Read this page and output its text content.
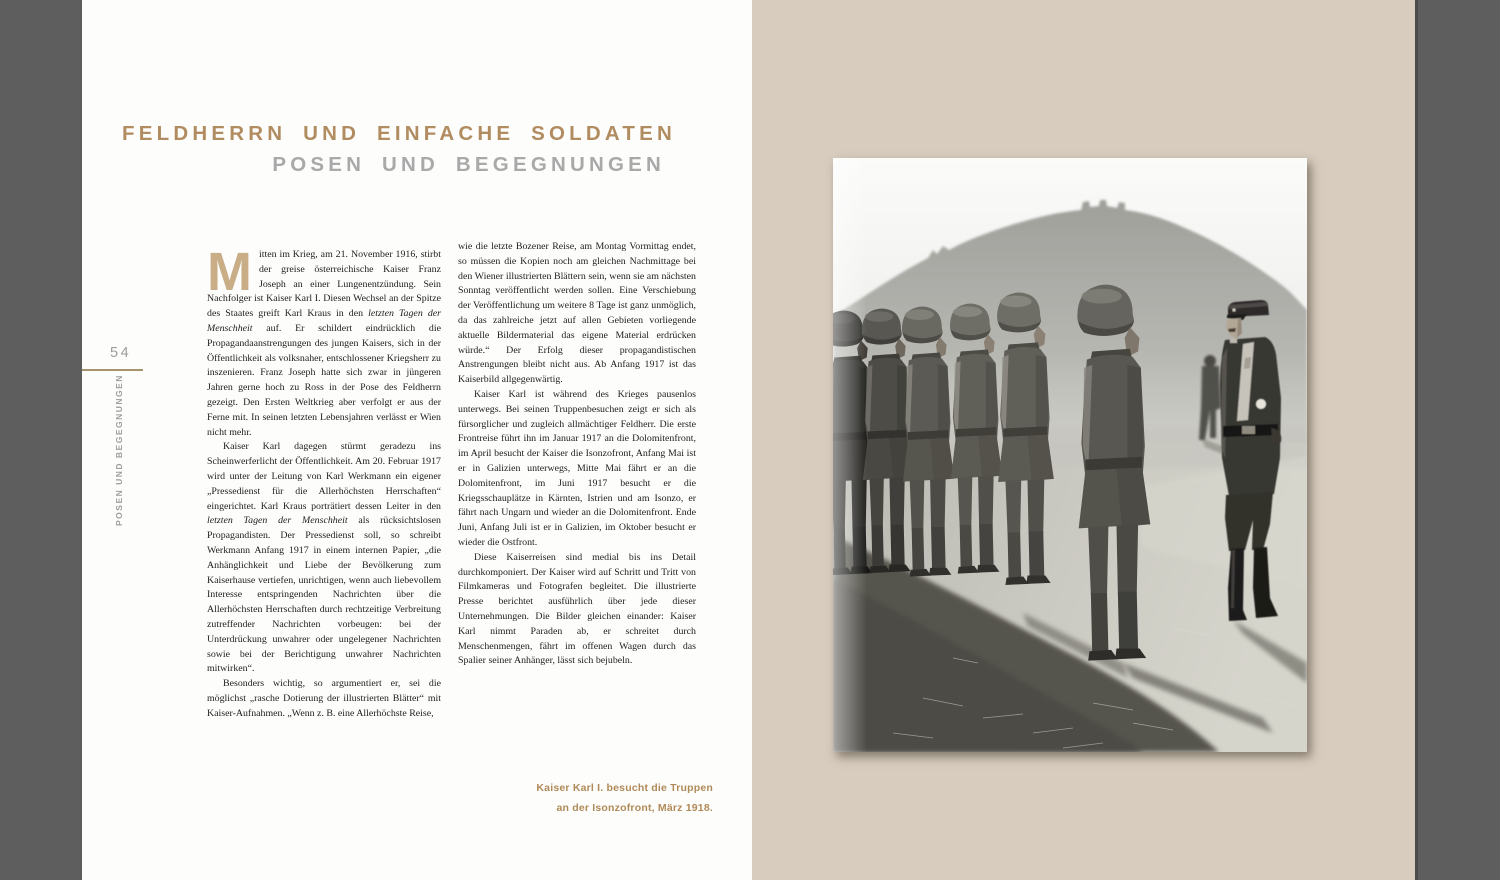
FELDHERRN UND EINFACHE SOLDATEN
POSEN UND BEGEGNUNGEN
54
POSEN UND BEGEGNUNGEN

Mitten im Krieg, am 21. November 1916, stirbt der greise österreichische Kaiser Franz Joseph an einer Lungenentzündung. Sein Nachfolger ist Kaiser Karl I. Diesen Wechsel an der Spitze des Staates greift Karl Kraus in den letzten Tagen der Menschheit auf. Er schildert eindrücklich die Propagandaanstrengungen des jungen Kaisers, sich in der Öffentlichkeit als volksnaher, entschlossener Kriegsherr zu inszenieren. Franz Joseph hatte sich zwar in jüngeren Jahren gerne hoch zu Ross in der Pose des Feldherrn gezeigt. Den Ersten Weltkrieg aber verfolgt er aus der Ferne mit. In seinen letzten Lebensjahren verlässt er Wien nicht mehr.

Kaiser Karl dagegen stürmt geradezu ins Scheinwerferlicht der Öffentlichkeit. Am 20. Februar 1917 wird unter der Leitung von Karl Werkmann ein eigener „Pressedienst für die Allerhöchsten Herrschaften“ eingerichtet. Karl Kraus porträtiert dessen Leiter in den letzten Tagen der Menschheit als rücksichtslosen Propagandisten. Der Pressedienst soll, so schreibt Werkmann Anfang 1917 in einem internen Papier, „die Anhänglichkeit und Liebe der Bevölkerung zum Kaiserhause vertiefen, unrichtigen, wenn auch liebevollem Interesse entspringenden Nachrichten über die Allerhöchsten Herrschaften durch rechtzeitige Verbreitung zutreffender Nachrichten vorbeugen: bei der Unterdrückung unwahrer oder ungelegener Nachrichten sowie bei der Berichtigung unwahrer Nachrichten mitwirken“.

Besonders wichtig, so argumentiert er, sei die möglichst „rasche Dotierung der illustrierten Blätter“ mit Kaiser-Aufnahmen. „Wenn z. B. eine Allerhöchste Reise,

wie die letzte Bozener Reise, am Montag Vormittag endet, so müssen die Kopien noch am gleichen Nachmittage bei den Wiener illustrierten Blättern sein, wenn sie am nächsten Sonntag veröffentlicht werden sollen. Eine Verschiebung der Veröffentlichung um weitere 8 Tage ist ganz unmöglich, da das zahlreiche jetzt auf allen Gebieten vorliegende aktuelle Bildermaterial das eigene Material erdrücken würde.“ Der Erfolg dieser propagandistischen Anstrengungen bleibt nicht aus. Ab Anfang 1917 ist das Kaiserbild allgegenwärtig.

Kaiser Karl ist während des Krieges pausenlos unterwegs. Bei seinen Truppenbesuchen zeigt er sich als fürsorglicher und zugleich allmächtiger Feldherr. Die erste Frontreise führt ihn im Januar 1917 an die Dolomitenfront, im April besucht der Kaiser die Isonzofront, Anfang Mai ist er in Galizien unterwegs, Mitte Mai fährt er an die Dolomitenfront, im Juni 1917 besucht er die Kriegsschauplätze in Kärnten, Istrien und am Isonzo, er fährt nach Ungarn und wieder an die Dolomitenfront. Ende Juni, Anfang Juli ist er in Galizien, im Oktober besucht er wieder die Ostfront.

Diese Kaiserreisen sind medial bis ins Detail durchkomponiert. Der Kaiser wird auf Schritt und Tritt von Filmkameras und Fotografen begleitet. Die illustrierte Presse berichtet ausführlich über jede dieser Unternehmungen. Die Bilder gleichen einander: Kaiser Karl nimmt Paraden ab, er schreitet durch Menschenmengen, fährt im offenen Wagen durch das Spalier seiner Anhänger, lässt sich bejubeln.

Kaiser Karl I. besucht die Truppen
an der Isonzofront, März 1918.
